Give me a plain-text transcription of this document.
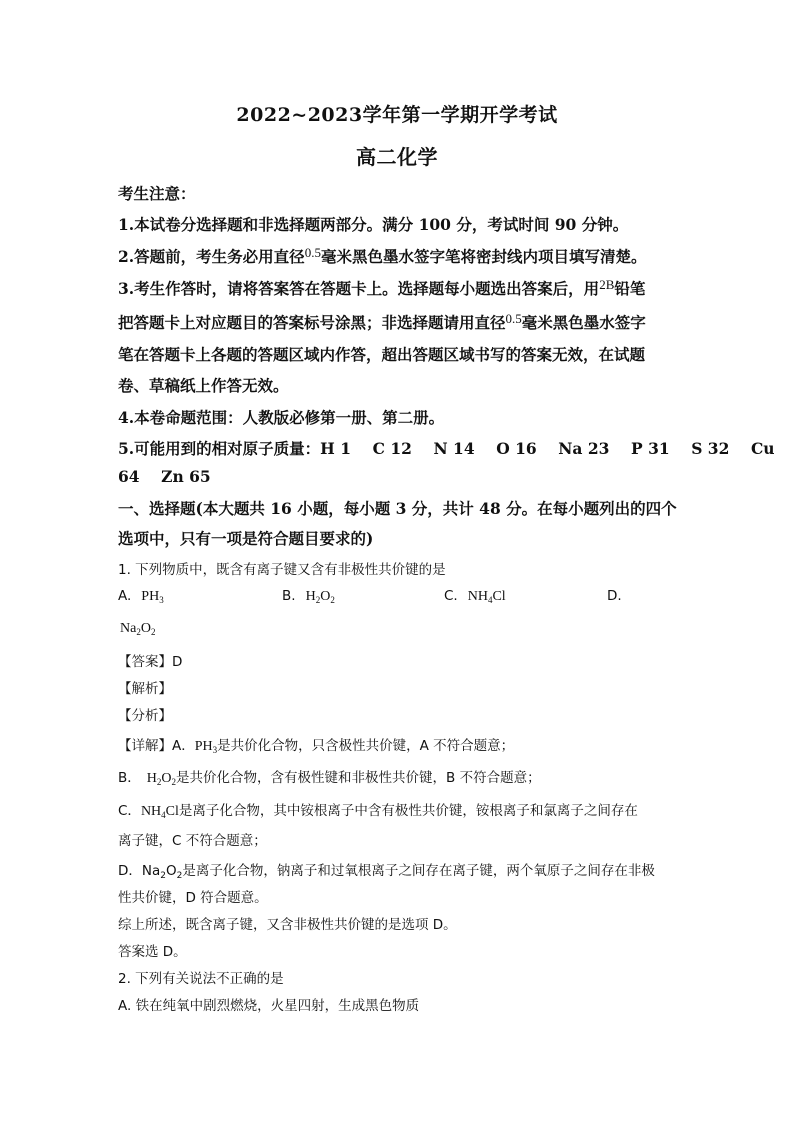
2022~2023学年第一学期开学考试
高二化学
考生注意：
1.本试卷分选择题和非选择题两部分。满分 100 分，考试时间 90 分钟。
2.答题前，考生务必用直径$^{0.5}$毫米黑色墨水签字笔将密封线内项目填写清楚。
3.考生作答时，请将答案答在答题卡上。选择题每小题选出答案后，用$^{2B}$铅笔
把答题卡上对应题目的答案标号涂黑；非选择题请用直径$^{0.5}$毫米黑色墨水签字
笔在答题卡上各题的答题区域内作答，超出答题区域书写的答案无效，在试题
卷、草稿纸上作答无效。
4.本卷命题范围：人教版必修第一册、第二册。
5.可能用到的相对原子质量：H 1    C 12    N 14    O 16    Na 23    P 31    S 32    Cu
64    Zn 65
一、选择题(本大题共 16 小题，每小题 3 分，共计 48 分。在每小题列出的四个
选项中，只有一项是符合题目要求的)
1. 下列物质中，既含有离子键又含有非极性共价键的是
A. $PH_3$	B. $H_2O_2$	C. $NH_4Cl$	D.
$Na_2O_2$
【答案】D
【解析】
【分析】
【详解】A．$PH_3$是共价化合物，只含极性共价键，A 不符合题意；
B． $H_2O_2$是共价化合物，含有极性键和非极性共价键，B 不符合题意；
C．$NH_4Cl$是离子化合物，其中铵根离子中含有极性共价键，铵根离子和氯离子之间存在
离子键，C 不符合题意；
D．$Na_2O_2$是离子化合物，钠离子和过氧根离子之间存在离子键，两个氧原子之间存在非极
性共价键，D 符合题意。
综上所述，既含离子键，又含非极性共价键的是选项 D。
答案选 D。
2. 下列有关说法不正确的是
A. 铁在纯氧中剧烈燃烧，火星四射，生成黑色物质
